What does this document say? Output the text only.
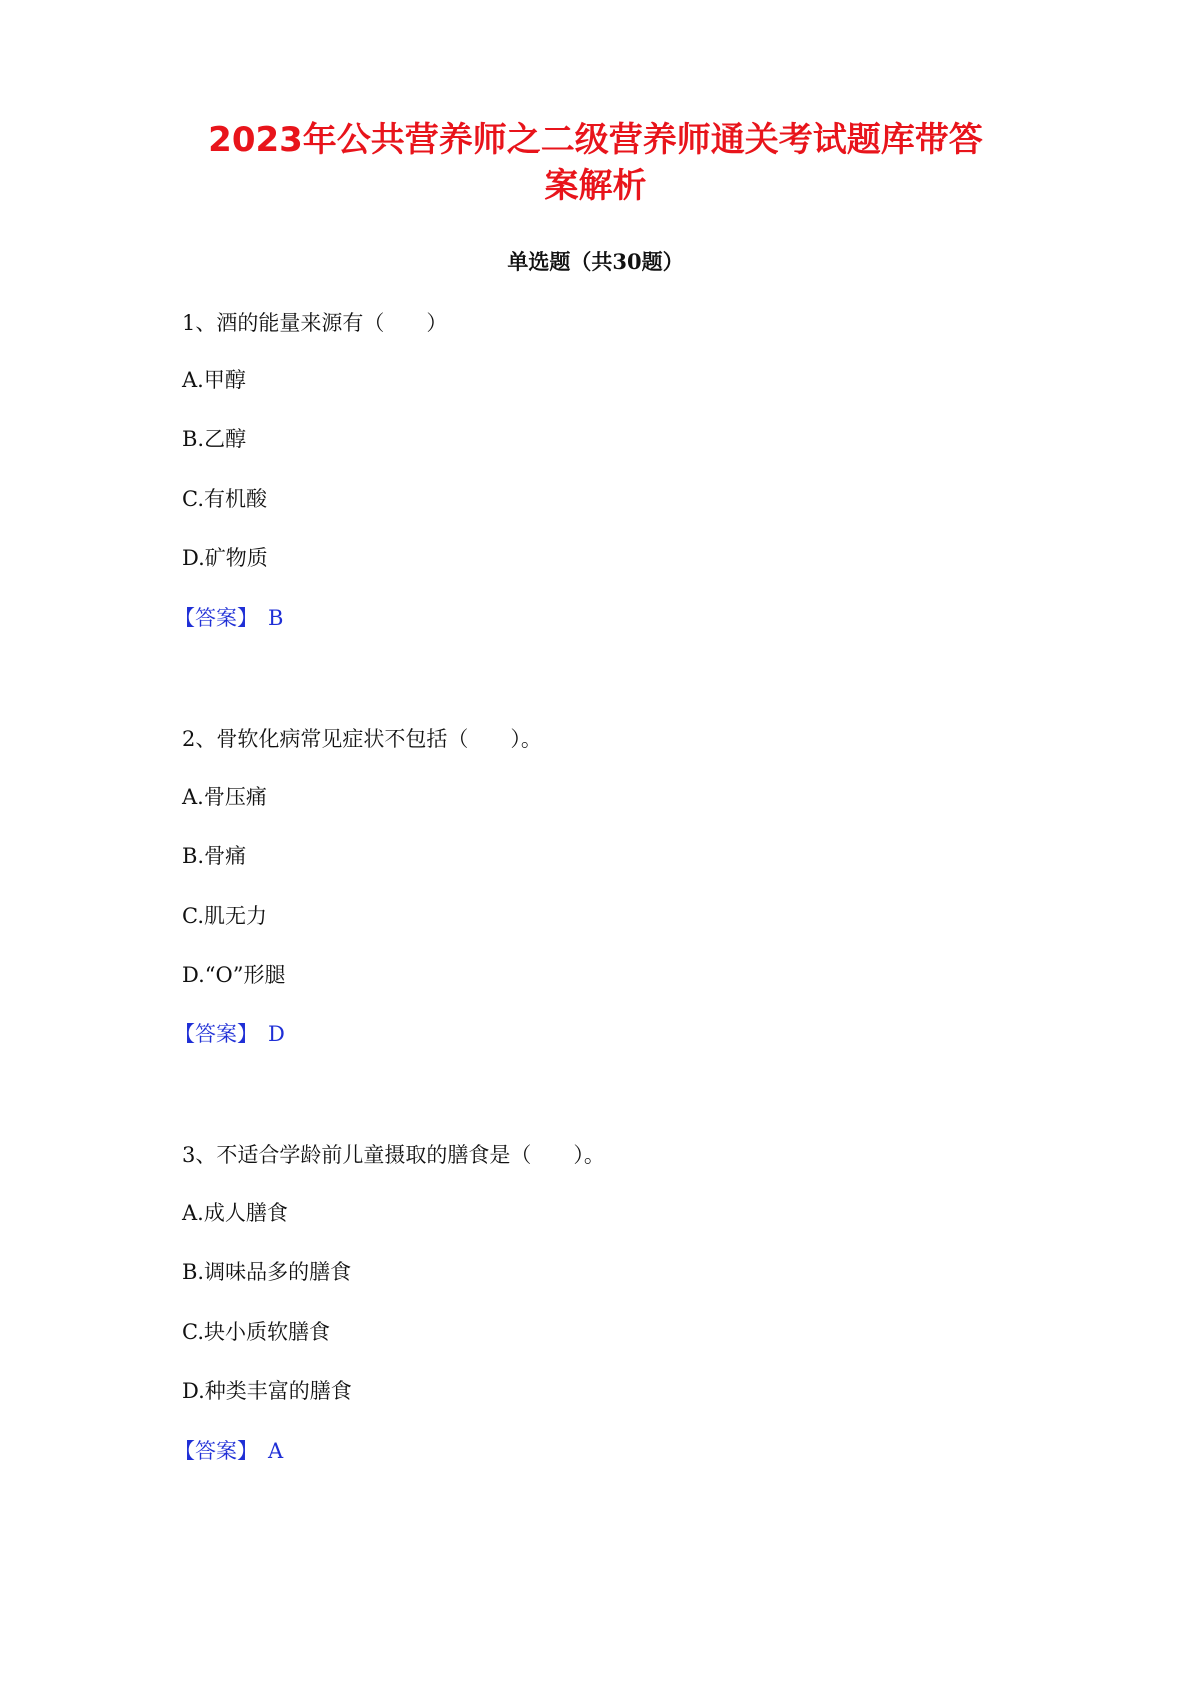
2023年公共营养师之二级营养师通关考试题库带答
案解析
单选题（共30题）
1、酒的能量来源有（　　）
A.甲醇
B.乙醇
C.有机酸
D.矿物质
【答案】 B
2、骨软化病常见症状不包括（　　）。
A.骨压痛
B.骨痛
C.肌无力
D.“O”形腿
【答案】 D
3、不适合学龄前儿童摄取的膳食是（　　）。
A.成人膳食
B.调味品多的膳食
C.块小质软膳食
D.种类丰富的膳食
【答案】 A
